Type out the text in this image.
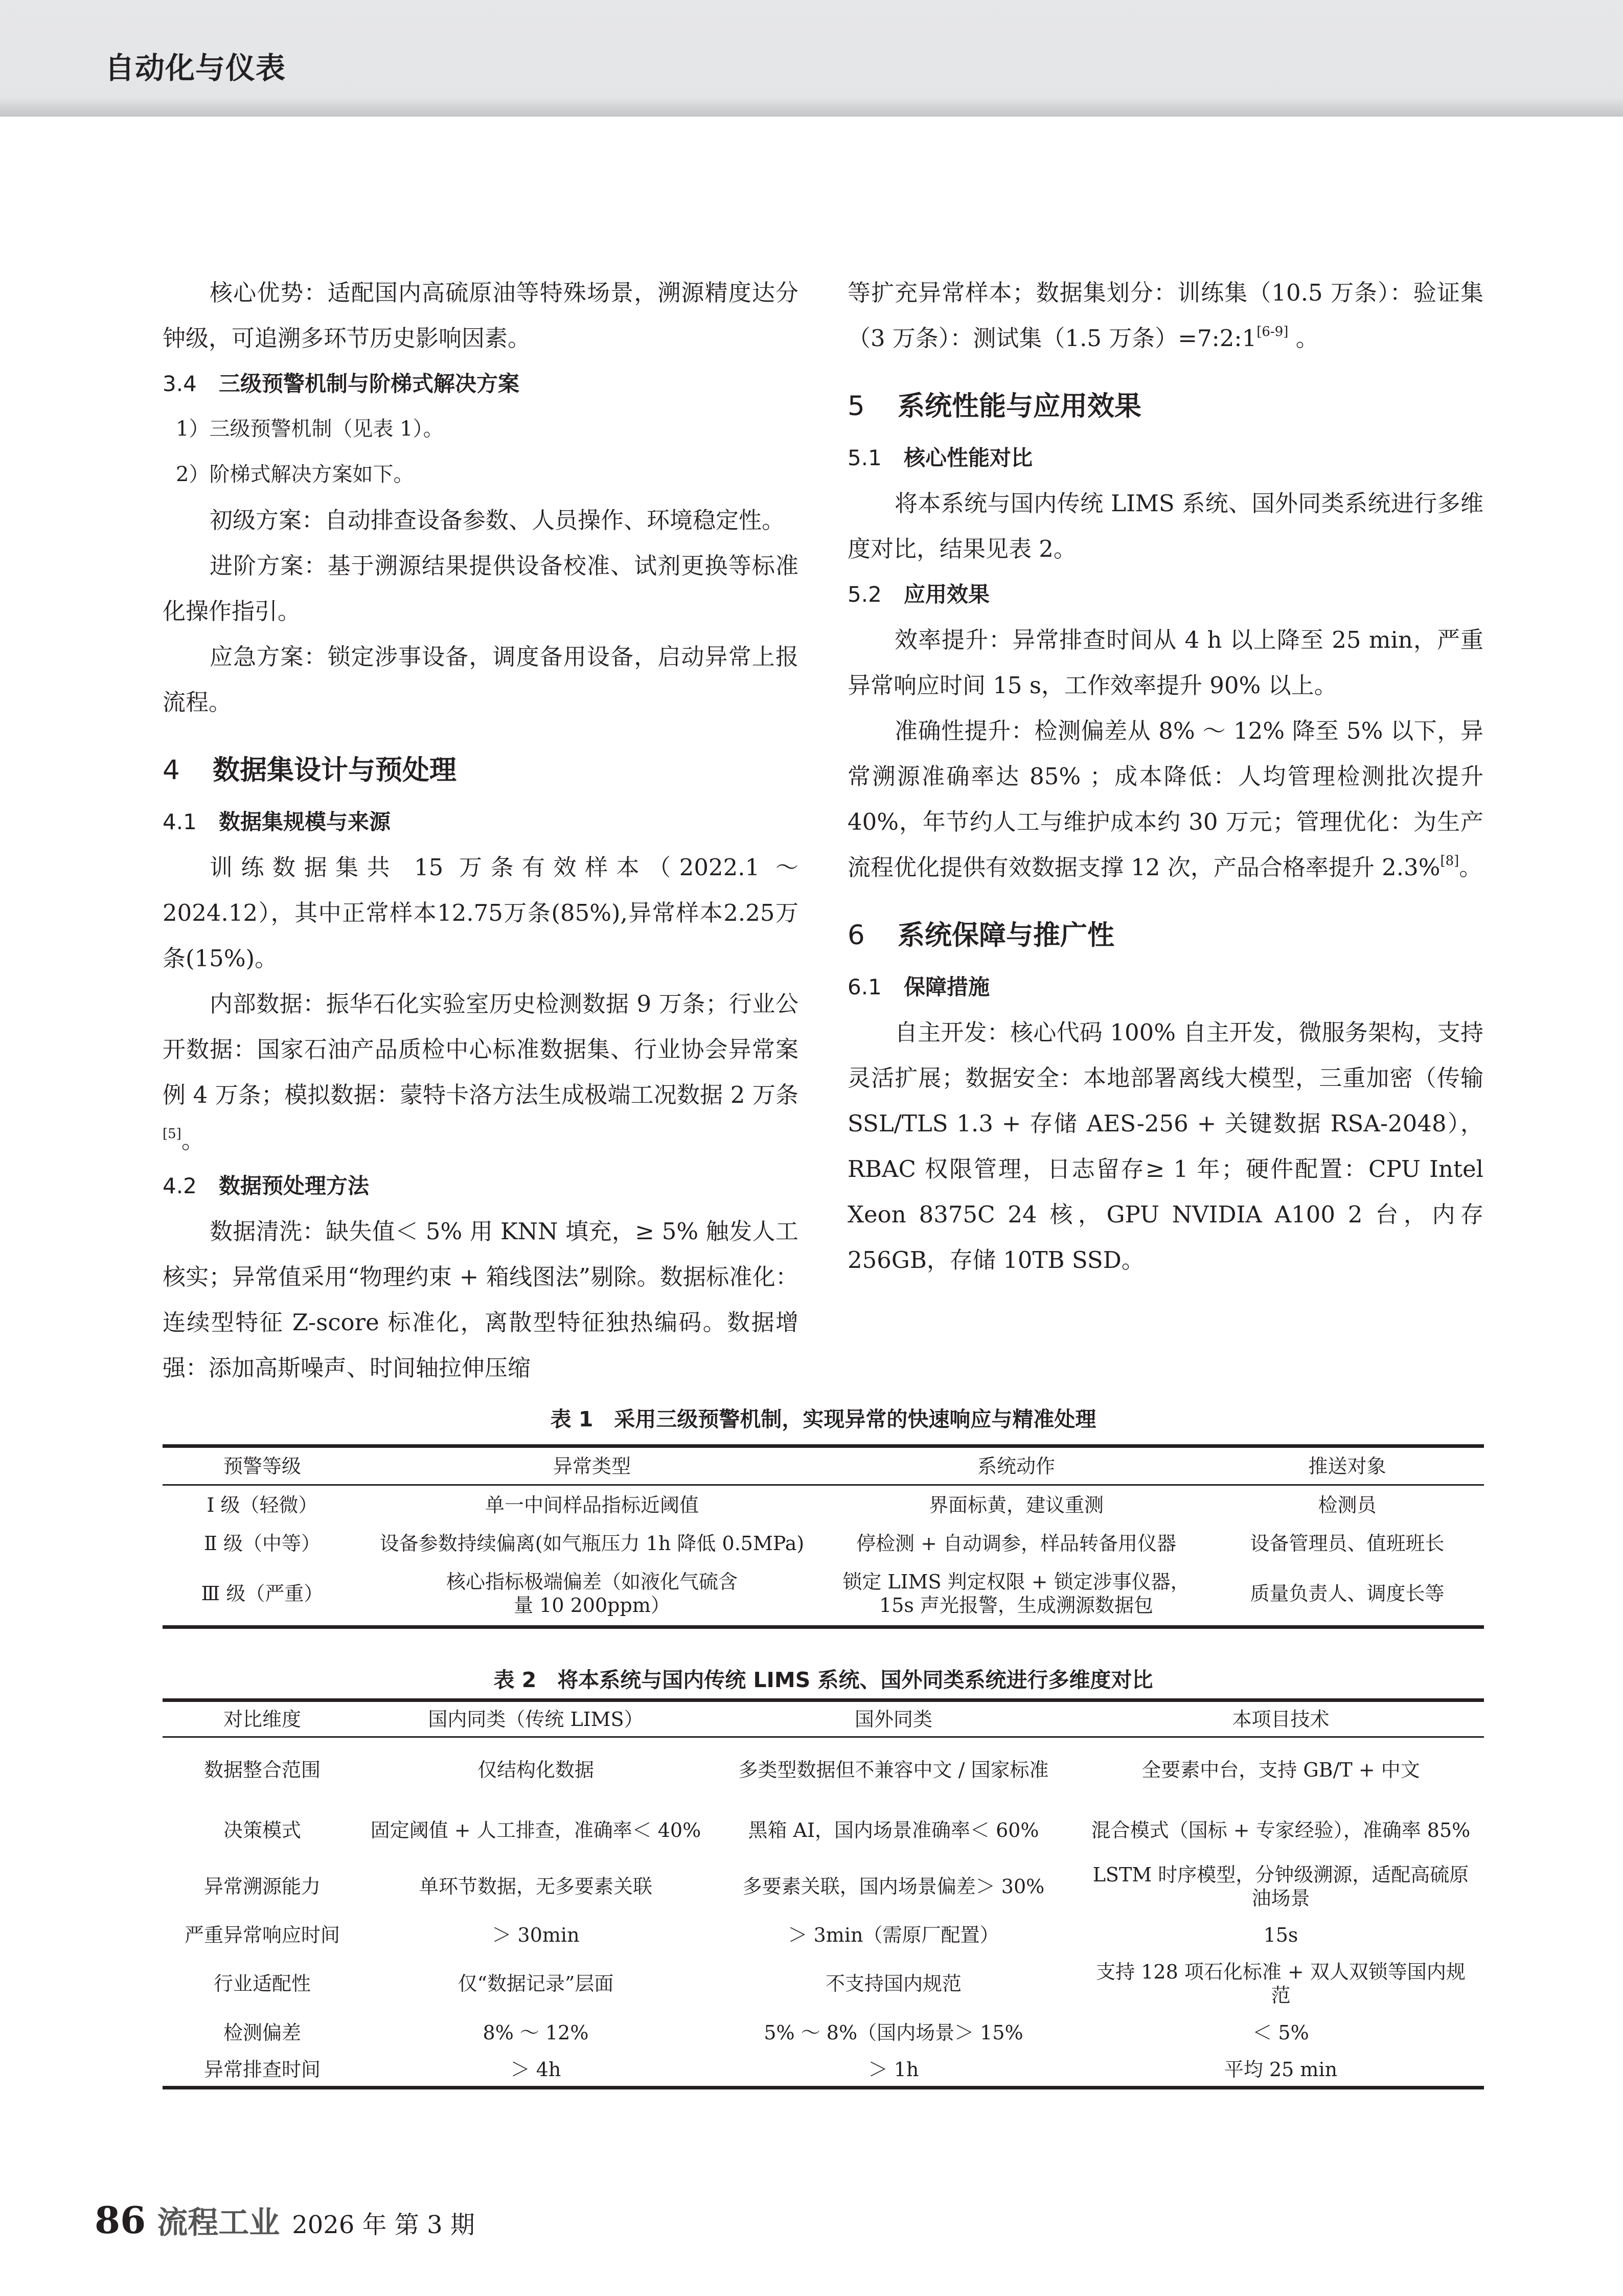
自动化与仪表

核心优势：适配国内高硫原油等特殊场景，溯源精度达分钟级，可追溯多环节历史影响因素。

3.4 三级预警机制与阶梯式解决方案

1）三级预警机制（见表 1）。

2）阶梯式解决方案如下。

初级方案：自动排查设备参数、人员操作、环境稳定性。

进阶方案：基于溯源结果提供设备校准、试剂更换等标准化操作指引。

应急方案：锁定涉事设备，调度备用设备，启动异常上报流程。

4 数据集设计与预处理
4.1 数据集规模与来源

训练数据集共 15 万条有效样本（2022.1 ～ 2024.12），其中正常样本12.75万条(85%),异常样本2.25万条(15%)。

内部数据：振华石化实验室历史检测数据 9 万条；行业公开数据：国家石油产品质检中心标准数据集、行业协会异常案例 4 万条；模拟数据：蒙特卡洛方法生成极端工况数据 2 万条[5]。

4.2 数据预处理方法

数据清洗：缺失值＜ 5% 用 KNN 填充，≥ 5% 触发人工核实；异常值采用“物理约束 + 箱线图法”剔除。数据标准化：连续型特征 Z-score 标准化，离散型特征独热编码。数据增强：添加高斯噪声、时间轴拉伸压缩

等扩充异常样本；数据集划分：训练集（10.5 万条）：验证集（3 万条）：测试集（1.5 万条）=7:2:1[6-9] 。

5 系统性能与应用效果
5.1 核心性能对比

将本系统与国内传统 LIMS 系统、国外同类系统进行多维度对比，结果见表 2。

5.2 应用效果

效率提升：异常排查时间从 4 h 以上降至 25 min，严重异常响应时间 15 s，工作效率提升 90% 以上。

准确性提升：检测偏差从 8% ～ 12% 降至 5% 以下，异常溯源准确率达 85% ；成本降低：人均管理检测批次提升 40%，年节约人工与维护成本约 30 万元；管理优化：为生产流程优化提供有效数据支撑 12 次，产品合格率提升 2.3%[8]。

6 系统保障与推广性
6.1 保障措施

自主开发：核心代码 100% 自主开发，微服务架构，支持灵活扩展；数据安全：本地部署离线大模型，三重加密（传输 SSL/TLS 1.3 + 存储 AES-256 + 关键数据 RSA-2048），RBAC 权限管理，日志留存≥ 1 年；硬件配置：CPU Intel Xeon 8375C 24 核，GPU NVIDIA A100 2 台，内存 256GB，存储 10TB SSD。

表 1　采用三级预警机制，实现异常的快速响应与精准处理
预警等级	异常类型	系统动作	推送对象
Ⅰ 级（轻微）	单一中间样品指标近阈值	界面标黄，建议重测	检测员
Ⅱ 级（中等）	设备参数持续偏离(如气瓶压力 1h 降低 0.5MPa)	停检测 + 自动调参，样品转备用仪器	设备管理员、值班班长
Ⅲ 级（严重）	核心指标极端偏差（如液化气硫含量 10 200ppm）	锁定 LIMS 判定权限 + 锁定涉事仪器，15s 声光报警，生成溯源数据包	质量负责人、调度长等
表 2　将本系统与国内传统 LIMS 系统、国外同类系统进行多维度对比
对比维度	国内同类（传统 LIMS）	国外同类	本项目技术
数据整合范围	仅结构化数据	多类型数据但不兼容中文 / 国家标准	全要素中台，支持 GB/T + 中文
决策模式	固定阈值 + 人工排查，准确率＜ 40%	黑箱 AI，国内场景准确率＜ 60%	混合模式（国标 + 专家经验），准确率 85%
异常溯源能力	单环节数据，无多要素关联	多要素关联，国内场景偏差＞ 30%	LSTM 时序模型，分钟级溯源，适配高硫原油场景
严重异常响应时间	＞ 30min	＞ 3min（需原厂配置）	15s
行业适配性	仅“数据记录”层面	不支持国内规范	支持 128 项石化标准 + 双人双锁等国内规范
检测偏差	8% ～ 12%	5% ～ 8%（国内场景＞ 15%	＜ 5%
异常排查时间	＞ 4h	＞ 1h	平均 25 min
86 流程工业 2026 年 第 3 期
